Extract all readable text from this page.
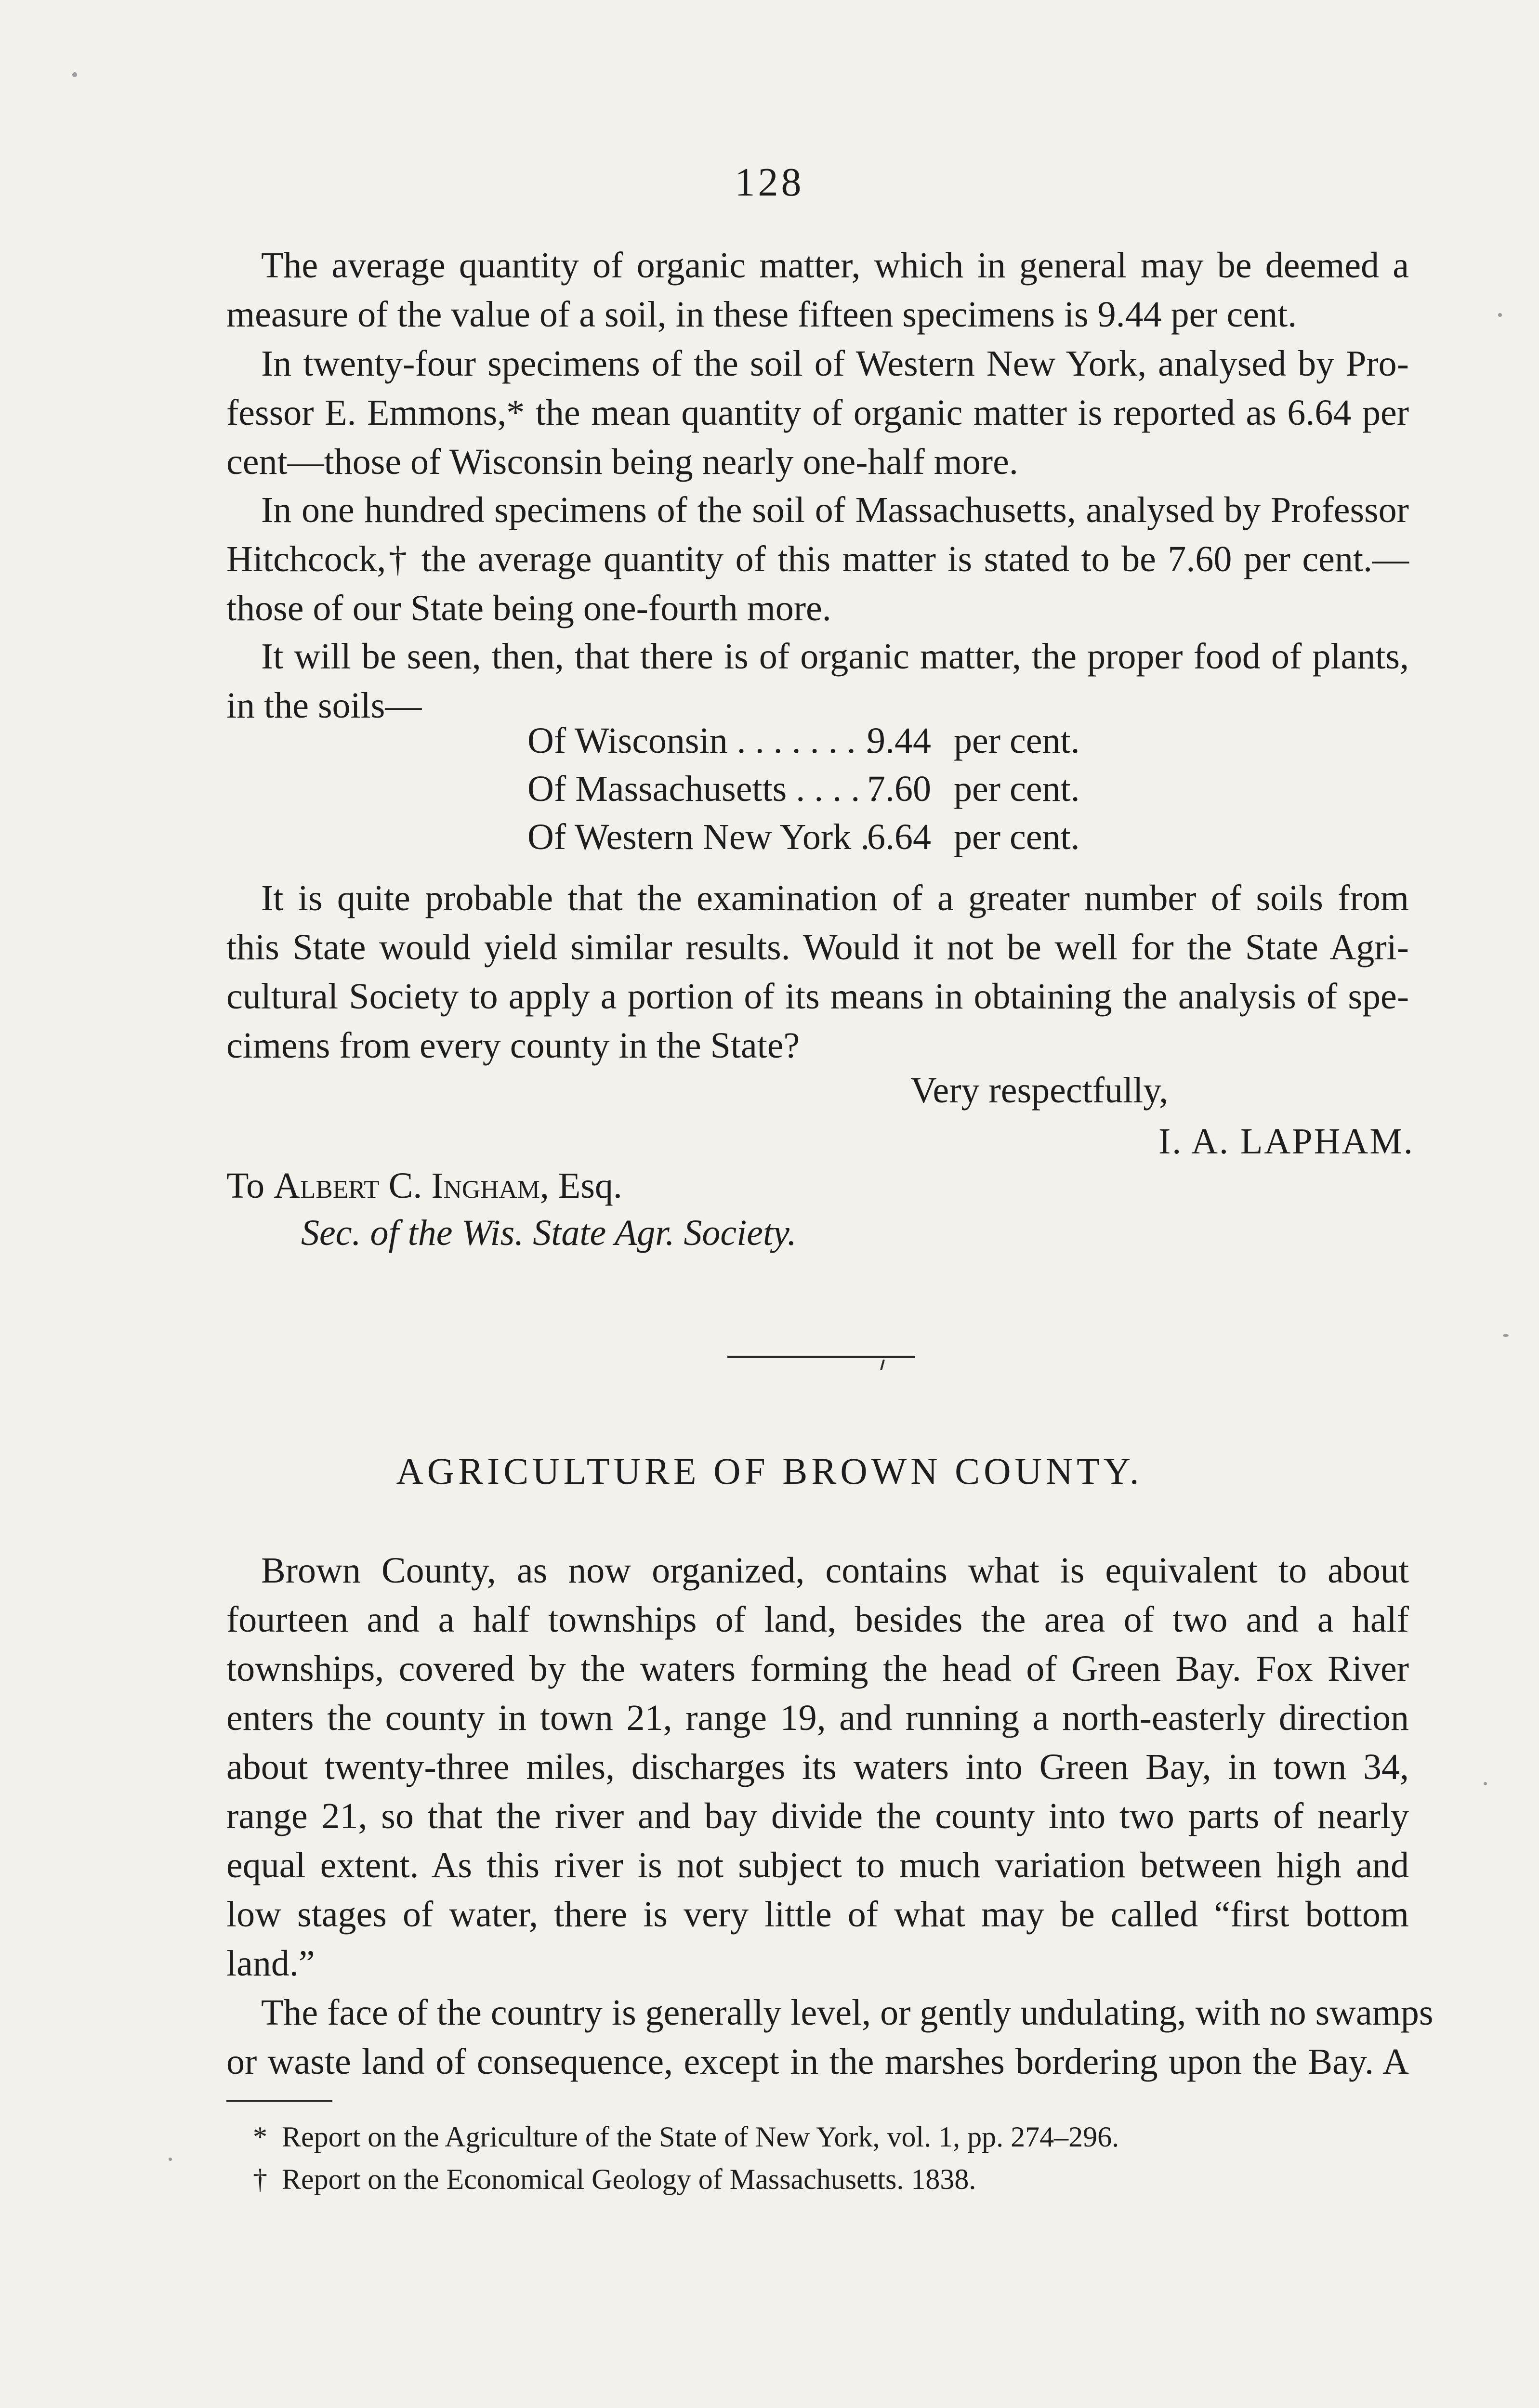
128
The average quantity of organic matter, which in general may be deemed a
measure of the value of a soil, in these fifteen specimens is 9.44 per cent.
In twenty-four specimens of the soil of Western New York, analysed by Pro-
fessor E. Emmons,* the mean quantity of organic matter is reported as 6.64 per
cent—those of Wisconsin being nearly one-half more.
In one hundred specimens of the soil of Massachusetts, analysed by Professor
Hitchcock,† the average quantity of this matter is stated to be 7.60 per cent.—
those of our State being one-fourth more.
It will be seen, then, that there is of organic matter, the proper food of plants,
in the soils—
Of Wisconsin . . . . . . . .9.44 per cent.
Of Massachusetts . . . . .7.60 per cent.
Of Western New York .6.64 per cent.
It is quite probable that the examination of a greater number of soils from
this State would yield similar results. Would it not be well for the State Agri-
cultural Society to apply a portion of its means in obtaining the analysis of spe-
cimens from every county in the State?
Very respectfully,
I. A. LAPHAM.
To Albert C. Ingham, Esq.
Sec. of the Wis. State Agr. Society.
AGRICULTURE OF BROWN COUNTY.
Brown County, as now organized, contains what is equivalent to about
fourteen and a half townships of land, besides the area of two and a half
townships, covered by the waters forming the head of Green Bay. Fox River
enters the county in town 21, range 19, and running a north-easterly direction
about twenty-three miles, discharges its waters into Green Bay, in town 34,
range 21, so that the river and bay divide the county into two parts of nearly
equal extent. As this river is not subject to much variation between high and
low stages of water, there is very little of what may be called “first bottom
land.”
The face of the country is generally level, or gently undulating, with no swamps
or waste land of consequence, except in the marshes bordering upon the Bay. A
* Report on the Agriculture of the State of New York, vol. 1, pp. 274–296.
† Report on the Economical Geology of Massachusetts. 1838.
